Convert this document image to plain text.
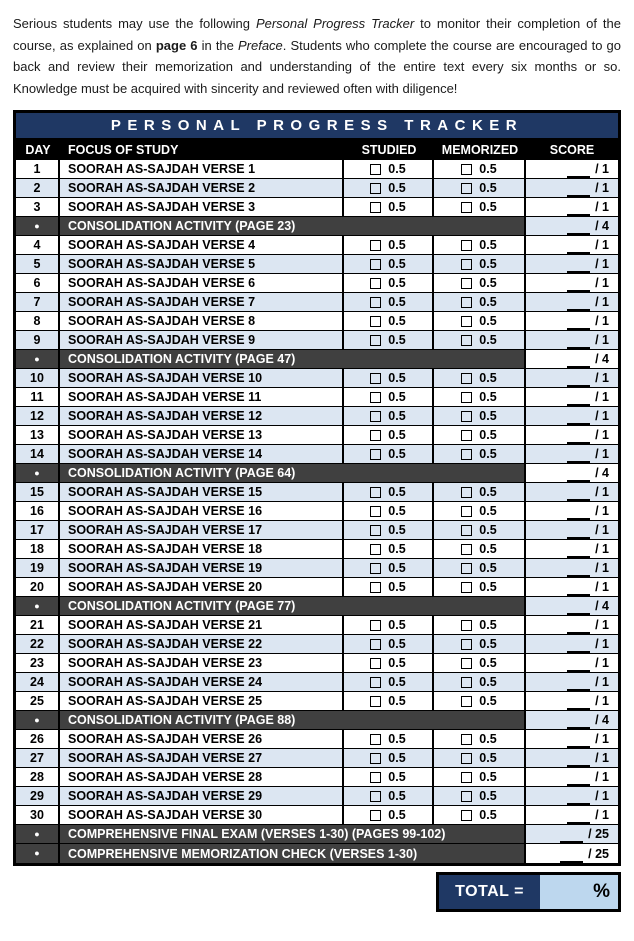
Serious students may use the following Personal Progress Tracker to monitor their completion of the course, as explained on page 6 in the Preface. Students who complete the course are encouraged to go back and review their memorization and understanding of the entire text every six months or so. Knowledge must be acquired with sincerity and reviewed often with diligence!

PERSONAL PROGRESS TRACKER
DAY	FOCUS OF STUDY	STUDIED	MEMORIZED	SCORE
1	SOORAH AS-SAJDAH VERSE 1	0.5	0.5	/ 1
2	SOORAH AS-SAJDAH VERSE 2	0.5	0.5	/ 1
3	SOORAH AS-SAJDAH VERSE 3	0.5	0.5	/ 1
●	CONSOLIDATION ACTIVITY (PAGE 23)	/ 4
4	SOORAH AS-SAJDAH VERSE 4	0.5	0.5	/ 1
5	SOORAH AS-SAJDAH VERSE 5	0.5	0.5	/ 1
6	SOORAH AS-SAJDAH VERSE 6	0.5	0.5	/ 1
7	SOORAH AS-SAJDAH VERSE 7	0.5	0.5	/ 1
8	SOORAH AS-SAJDAH VERSE 8	0.5	0.5	/ 1
9	SOORAH AS-SAJDAH VERSE 9	0.5	0.5	/ 1
●	CONSOLIDATION ACTIVITY (PAGE 47)	/ 4
10	SOORAH AS-SAJDAH VERSE 10	0.5	0.5	/ 1
11	SOORAH AS-SAJDAH VERSE 11	0.5	0.5	/ 1
12	SOORAH AS-SAJDAH VERSE 12	0.5	0.5	/ 1
13	SOORAH AS-SAJDAH VERSE 13	0.5	0.5	/ 1
14	SOORAH AS-SAJDAH VERSE 14	0.5	0.5	/ 1
●	CONSOLIDATION ACTIVITY (PAGE 64)	/ 4
15	SOORAH AS-SAJDAH VERSE 15	0.5	0.5	/ 1
16	SOORAH AS-SAJDAH VERSE 16	0.5	0.5	/ 1
17	SOORAH AS-SAJDAH VERSE 17	0.5	0.5	/ 1
18	SOORAH AS-SAJDAH VERSE 18	0.5	0.5	/ 1
19	SOORAH AS-SAJDAH VERSE 19	0.5	0.5	/ 1
20	SOORAH AS-SAJDAH VERSE 20	0.5	0.5	/ 1
●	CONSOLIDATION ACTIVITY (PAGE 77)	/ 4
21	SOORAH AS-SAJDAH VERSE 21	0.5	0.5	/ 1
22	SOORAH AS-SAJDAH VERSE 22	0.5	0.5	/ 1
23	SOORAH AS-SAJDAH VERSE 23	0.5	0.5	/ 1
24	SOORAH AS-SAJDAH VERSE 24	0.5	0.5	/ 1
25	SOORAH AS-SAJDAH VERSE 25	0.5	0.5	/ 1
●	CONSOLIDATION ACTIVITY (PAGE 88)	/ 4
26	SOORAH AS-SAJDAH VERSE 26	0.5	0.5	/ 1
27	SOORAH AS-SAJDAH VERSE 27	0.5	0.5	/ 1
28	SOORAH AS-SAJDAH VERSE 28	0.5	0.5	/ 1
29	SOORAH AS-SAJDAH VERSE 29	0.5	0.5	/ 1
30	SOORAH AS-SAJDAH VERSE 30	0.5	0.5	/ 1
●	COMPREHENSIVE FINAL EXAM (VERSES 1-30) (PAGES 99-102)	/ 25
●	COMPREHENSIVE MEMORIZATION CHECK (VERSES 1-30)	/ 25
TOTAL =	%
